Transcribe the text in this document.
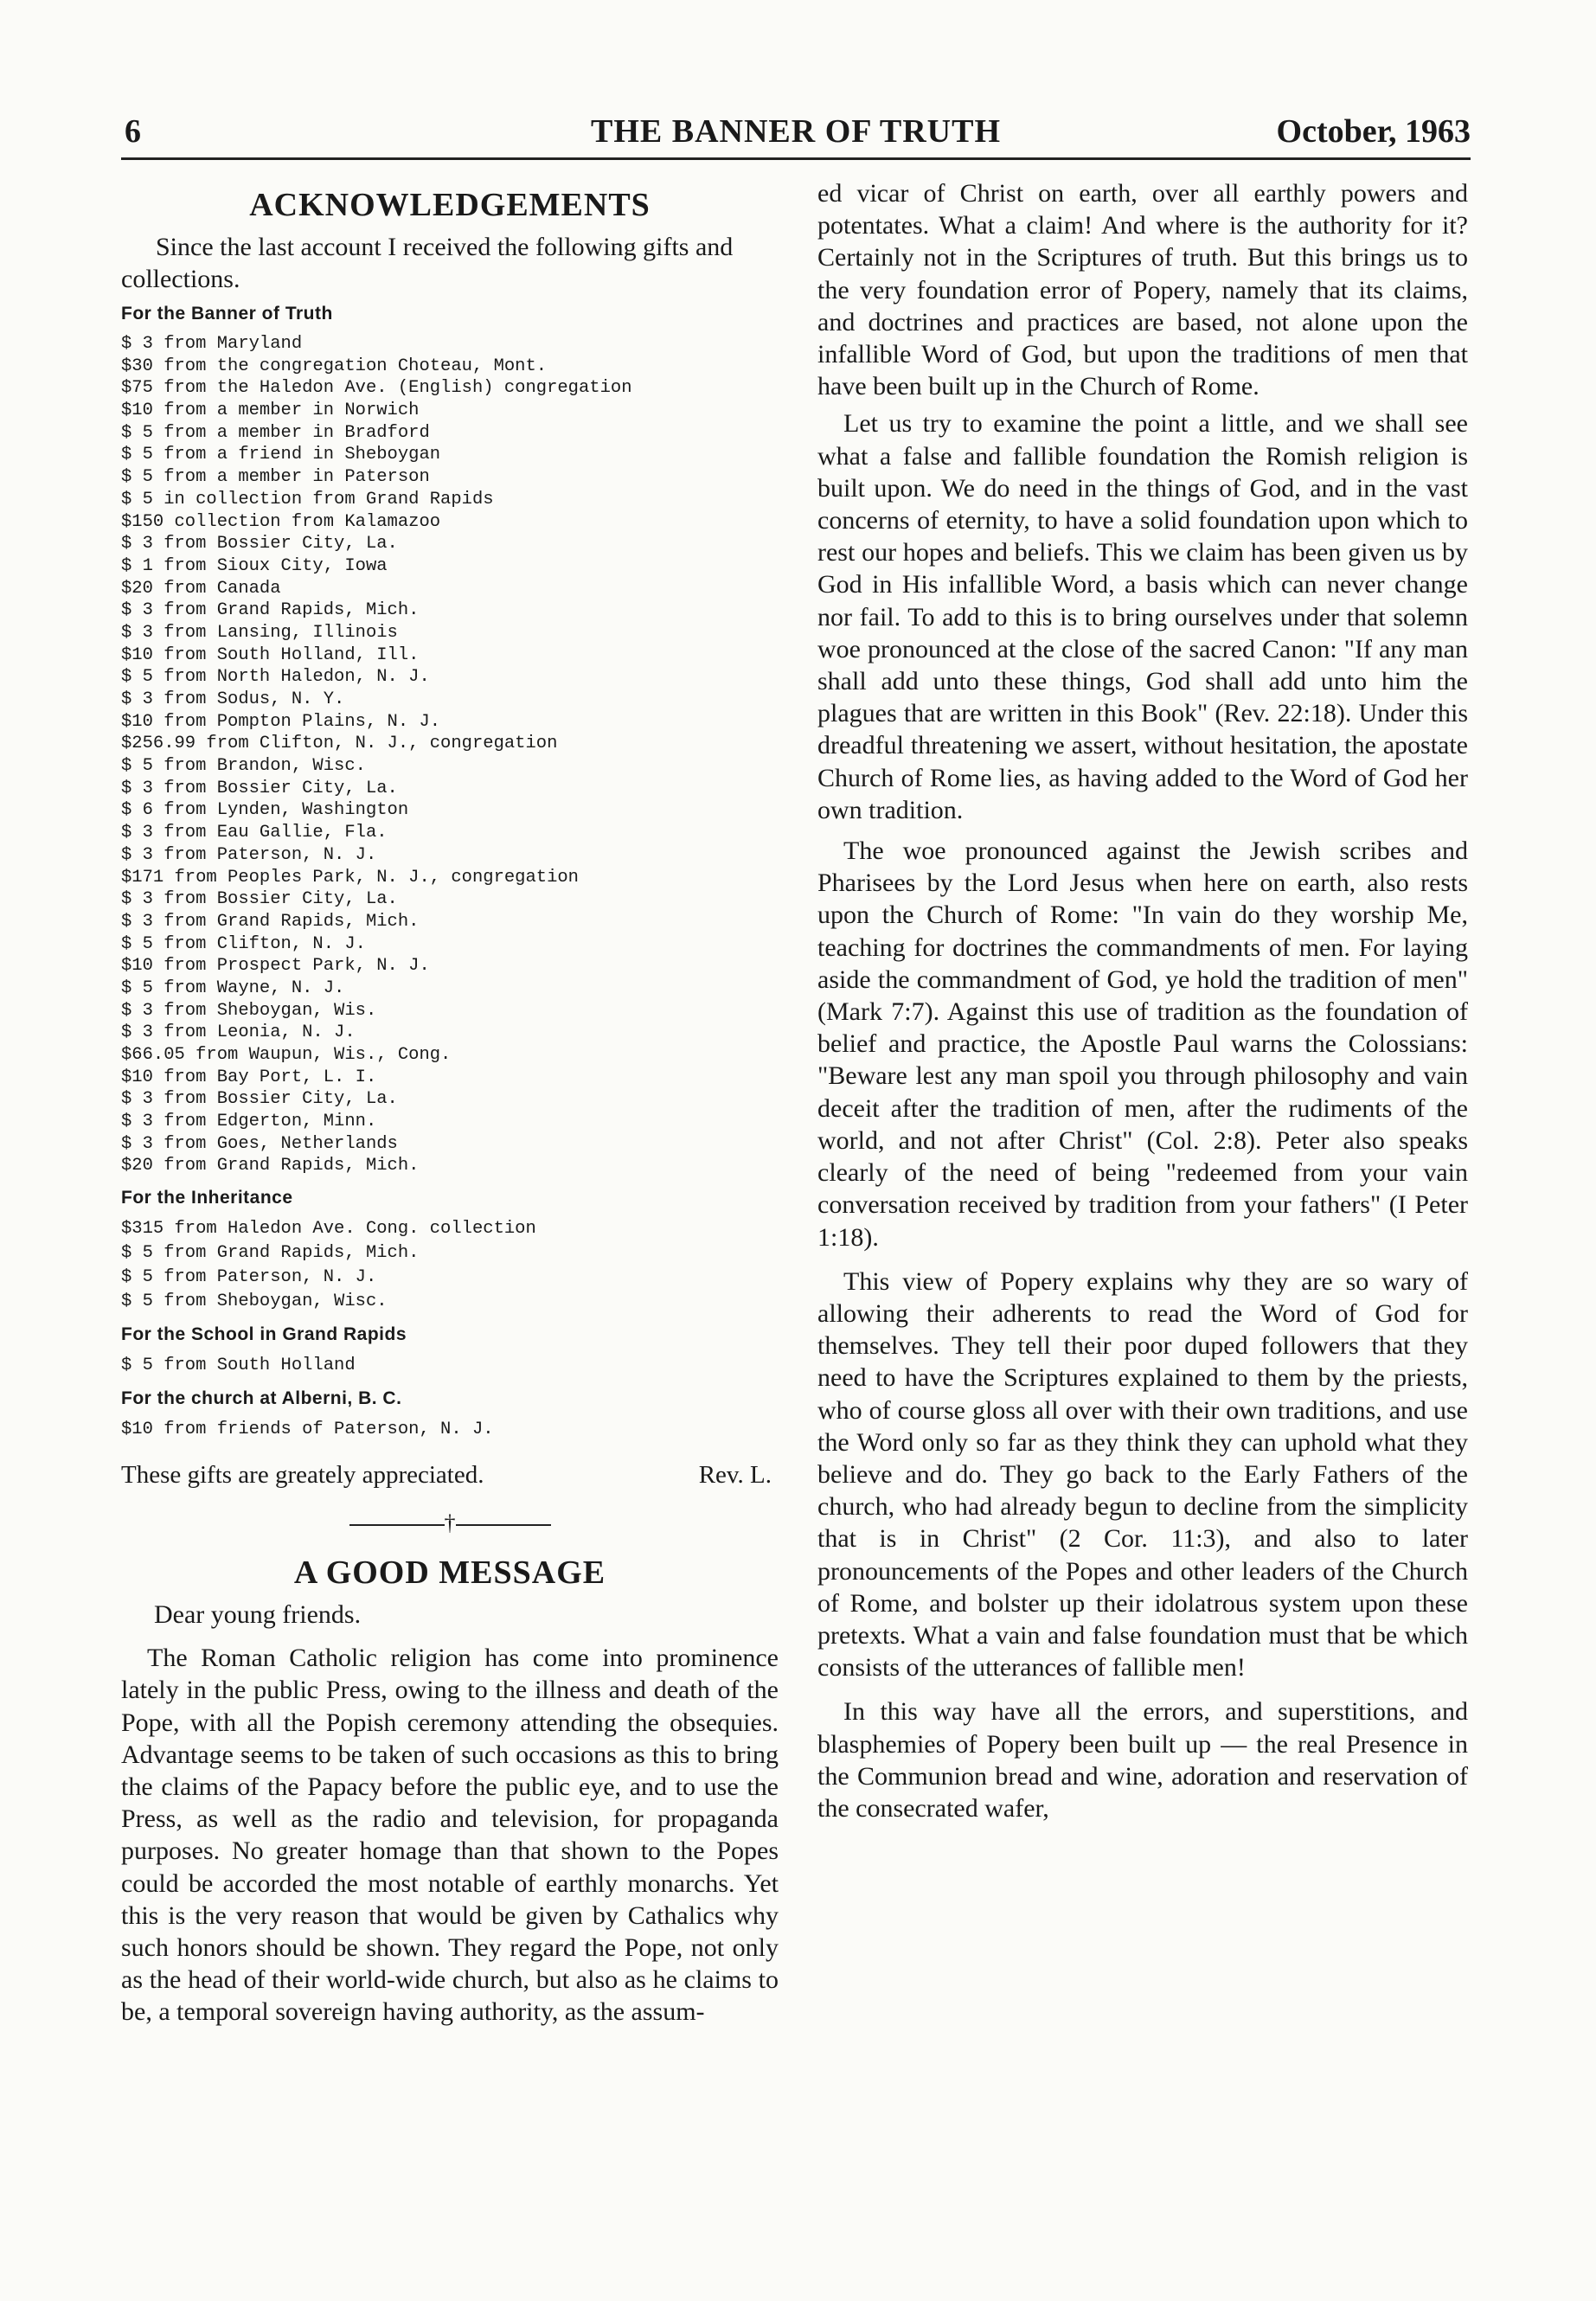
6	THE BANNER OF TRUTH	October, 1963
ACKNOWLEDGEMENTS

Since the last account I received the following gifts and collections.

For the Banner of Truth
$ 3 from Maryland
$30 from the congregation Choteau, Mont.
$75 from the Haledon Ave. (English) congregation
$10 from a member in Norwich
$ 5 from a member in Bradford
$ 5 from a friend in Sheboygan
$ 5 from a member in Paterson
$ 5 in collection from Grand Rapids
$150 collection from Kalamazoo
$ 3 from Bossier City, La.
$ 1 from Sioux City, Iowa
$20 from Canada
$ 3 from Grand Rapids, Mich.
$ 3 from Lansing, Illinois
$10 from South Holland, Ill.
$ 5 from North Haledon, N. J.
$ 3 from Sodus, N. Y.
$10 from Pompton Plains, N. J.
$256.99 from Clifton, N. J., congregation
$ 5 from Brandon, Wisc.
$ 3 from Bossier City, La.
$ 6 from Lynden, Washington
$ 3 from Eau Gallie, Fla.
$ 3 from Paterson, N. J.
$171 from Peoples Park, N. J., congregation
$ 3 from Bossier City, La.
$ 3 from Grand Rapids, Mich.
$ 5 from Clifton, N. J.
$10 from Prospect Park, N. J.
$ 5 from Wayne, N. J.
$ 3 from Sheboygan, Wis.
$ 3 from Leonia, N. J.
$66.05 from Waupun, Wis., Cong.
$10 from Bay Port, L. I.
$ 3 from Bossier City, La.
$ 3 from Edgerton, Minn.
$ 3 from Goes, Netherlands
$20 from Grand Rapids, Mich.
For the Inheritance
$315 from Haledon Ave. Cong. collection
$ 5 from Grand Rapids, Mich.
$ 5 from Paterson, N. J.
$ 5 from Sheboygan, Wisc.
For the School in Grand Rapids
$ 5 from South Holland
For the church at Alberni, B. C.
$10 from friends of Paterson, N. J.
These gifts are greately appreciated.	Rev. L.
†
A GOOD MESSAGE
Dear young friends.

The Roman Catholic religion has come into prominence lately in the public Press, owing to the illness and death of the Pope, with all the Popish ceremony attending the obsequies. Advantage seems to be taken of such occasions as this to bring the claims of the Papacy before the public eye, and to use the Press, as well as the radio and television, for propaganda purposes. No greater homage than that shown to the Popes could be accorded the most notable of earthly monarchs. Yet this is the very reason that would be given by Cathalics why such honors should be shown. They regard the Pope, not only as the head of their world-wide church, but also as he claims to be, a temporal sovereign having authority, as the assum-

ed vicar of Christ on earth, over all earthly powers and potentates. What a claim! And where is the authority for it? Certainly not in the Scriptures of truth. But this brings us to the very foundation error of Popery, namely that its claims, and doctrines and practices are based, not alone upon the infallible Word of God, but upon the traditions of men that have been built up in the Church of Rome.

Let us try to examine the point a little, and we shall see what a false and fallible foundation the Romish religion is built upon. We do need in the things of God, and in the vast concerns of eternity, to have a solid foundation upon which to rest our hopes and beliefs. This we claim has been given us by God in His infallible Word, a basis which can never change nor fail. To add to this is to bring ourselves under that solemn woe pronounced at the close of the sacred Canon: "If any man shall add unto these things, God shall add unto him the plagues that are written in this Book" (Rev. 22:18). Under this dreadful threatening we assert, without hesitation, the apostate Church of Rome lies, as having added to the Word of God her own tradition.

The woe pronounced against the Jewish scribes and Pharisees by the Lord Jesus when here on earth, also rests upon the Church of Rome: "In vain do they worship Me, teaching for doctrines the commandments of men. For laying aside the commandment of God, ye hold the tradition of men" (Mark 7:7). Against this use of tradition as the foundation of belief and practice, the Apostle Paul warns the Colossians: "Beware lest any man spoil you through philosophy and vain deceit after the tradition of men, after the rudiments of the world, and not after Christ" (Col. 2:8). Peter also speaks clearly of the need of being "redeemed from your vain conversation received by tradition from your fathers" (I Peter 1:18).

This view of Popery explains why they are so wary of allowing their adherents to read the Word of God for themselves. They tell their poor duped followers that they need to have the Scriptures explained to them by the priests, who of course gloss all over with their own traditions, and use the Word only so far as they think they can uphold what they believe and do. They go back to the Early Fathers of the church, who had already begun to decline from the simplicity that is in Christ" (2 Cor. 11:3), and also to later pronouncements of the Popes and other leaders of the Church of Rome, and bolster up their idolatrous system upon these pretexts. What a vain and false foundation must that be which consists of the utterances of fallible men!

In this way have all the errors, and superstitions, and blasphemies of Popery been built up — the real Presence in the Communion bread and wine, adoration and reservation of the consecrated wafer,
